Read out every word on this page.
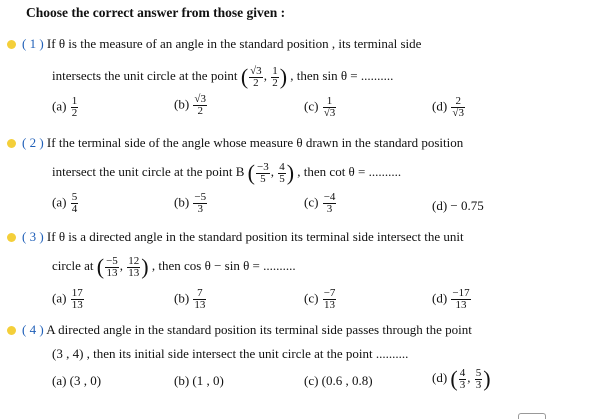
Choose the correct answer from those given :
( 1 ) If θ is the measure of an angle in the standard position , its terminal side
intersects the unit circle at the point ( $\frac{√3}{2}$ , $\frac{1}{2}$ ) , then sin θ = ..........
$(a) \frac{1}{2}$	$(b) \frac{√3}{2}$	$(c) \frac{1}{√3}$	$(d) \frac{2}{√3}$
( 2 ) If the terminal side of the angle whose measure θ drawn in the standard position
intersect the unit circle at the point B ( $\frac{-3}{5}$ , $\frac{4}{5}$ ) , then cot θ = ..........
$(a) \frac{5}{4}$	$(b) \frac{-5}{3}$	$(c) \frac{-4}{3}$	(d) − 0.75
( 3 ) If θ is a directed angle in the standard position its terminal side intersect the unit
circle at ( $\frac{-5}{13}$ , $\frac{12}{13}$ ) , then cos θ − sin θ = ..........
$(a) \frac{17}{13}$	$(b) \frac{7}{13}$	$(c) \frac{-7}{13}$	$(d) \frac{-17}{13}$
( 4 ) A directed angle in the standard position its terminal side passes through the point
(3 , 4) , then its initial side intersect the unit circle at the point ..........
(a) (3 , 0)	(b) (1 , 0)	(c) (0.6 , 0.8)	(d) ( $\frac{4}{3}$ , $\frac{5}{3}$ )
